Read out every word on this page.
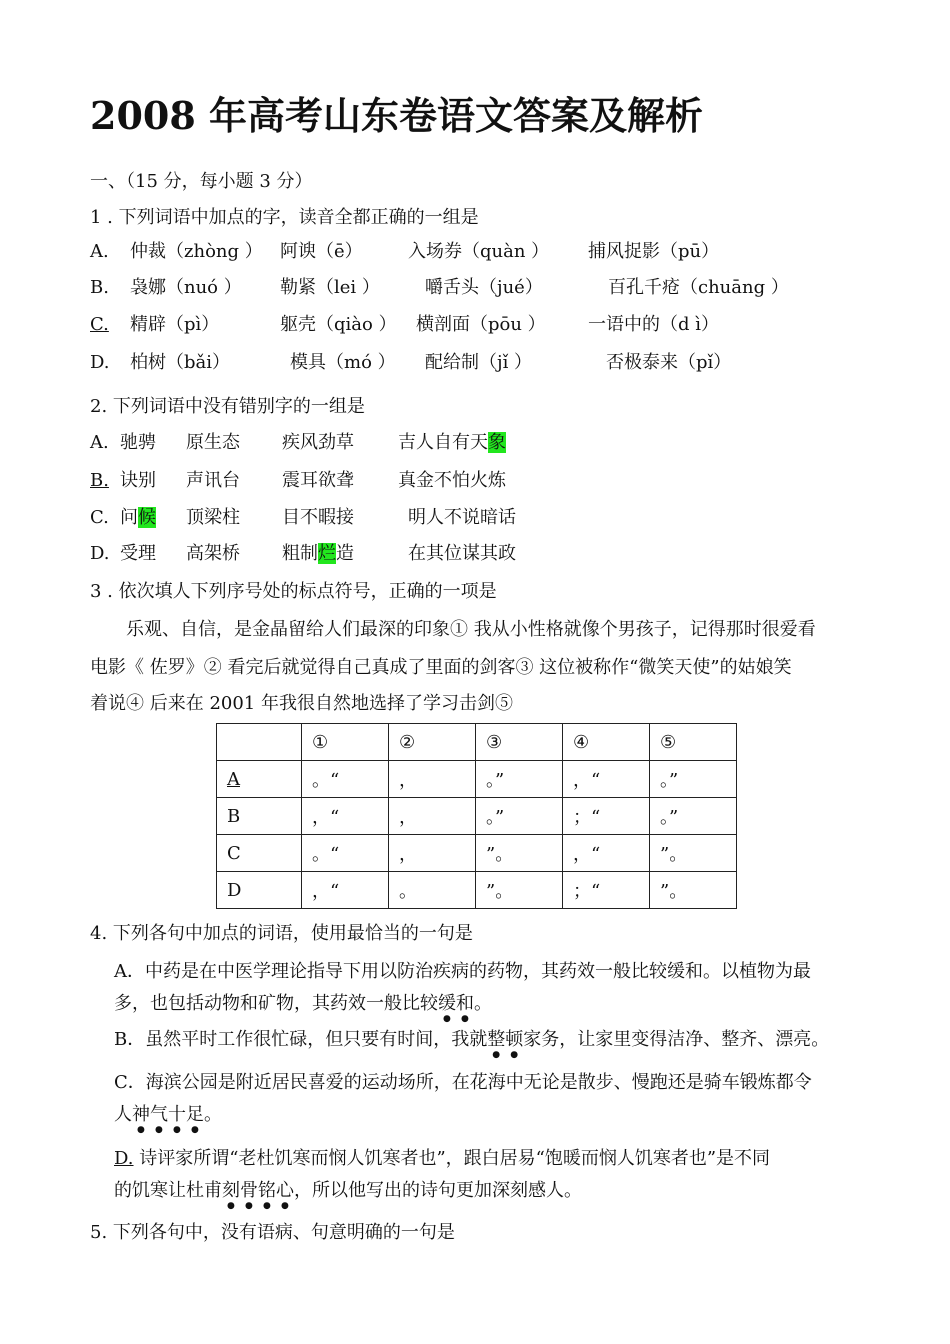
2008 年高考山东卷语文答案及解析
一、（15 分，每小题 3 分）
1 . 下列词语中加点的字，读音全都正确的一组是
A. 仲裁（zhòng ） 阿谀（ē）	入场券（quàn ） 捕风捉影（pū）
B. 袅娜（nuó ） 勒紧（lei ）	嚼舌头（jué）	百孔千疮（chuāng ）
C. 精辟（pì）	躯壳（qiào ） 横剖面（pōu ） 一语中的（d ì）
D. 柏树（bǎi）	模具（mó ） 配给制（jǐ ）	否极泰来（pǐ）
2. 下列词语中没有错别字的一组是
A. 驰骋 原生态 疾风劲草 吉人自有天象
B. 诀别 声讯台 震耳欲聋 真金不怕火炼
C. 问候 顶梁柱 目不暇接	明人不说暗话
D. 受理 高架桥 粗制烂造	在其位谋其政
3 . 依次填人下列序号处的标点符号，正确的一项是
乐观、自信，是金晶留给人们最深的印象① 我从小性格就像个男孩子，记得那时很爱看
电影《 佐罗》② 看完后就觉得自己真成了里面的剑客③ 这位被称作“微笑天使”的姑娘笑
着说④ 后来在 2001 年我很自然地选择了学习击剑⑤
	①	②	③	④	⑤
A	。“	，	。”	，“	。”
B	，“	，	。”	；“	。”
C	。“	，	”。	，“	”。
D	，“	。	”。	；“	”。
4. 下列各句中加点的词语，使用最恰当的一句是
A．中药是在中医学理论指导下用以防治疾病的药物，其药效一般比较缓和。以植物为最
多，也包括动物和矿物，其药效一般比较缓和。
B．虽然平时工作很忙碌，但只要有时间，我就整顿家务，让家里变得洁净、整齐、漂亮。
C．海滨公园是附近居民喜爱的运动场所，在花海中无论是散步、慢跑还是骑车锻炼都令
人神气十足。
D. 诗评家所谓“老杜饥寒而悯人饥寒者也”，跟白居易“饱暖而悯人饥寒者也”是不同
的饥寒让杜甫刻骨铭心，所以他写出的诗句更加深刻感人。
5. 下列各句中，没有语病、句意明确的一句是
